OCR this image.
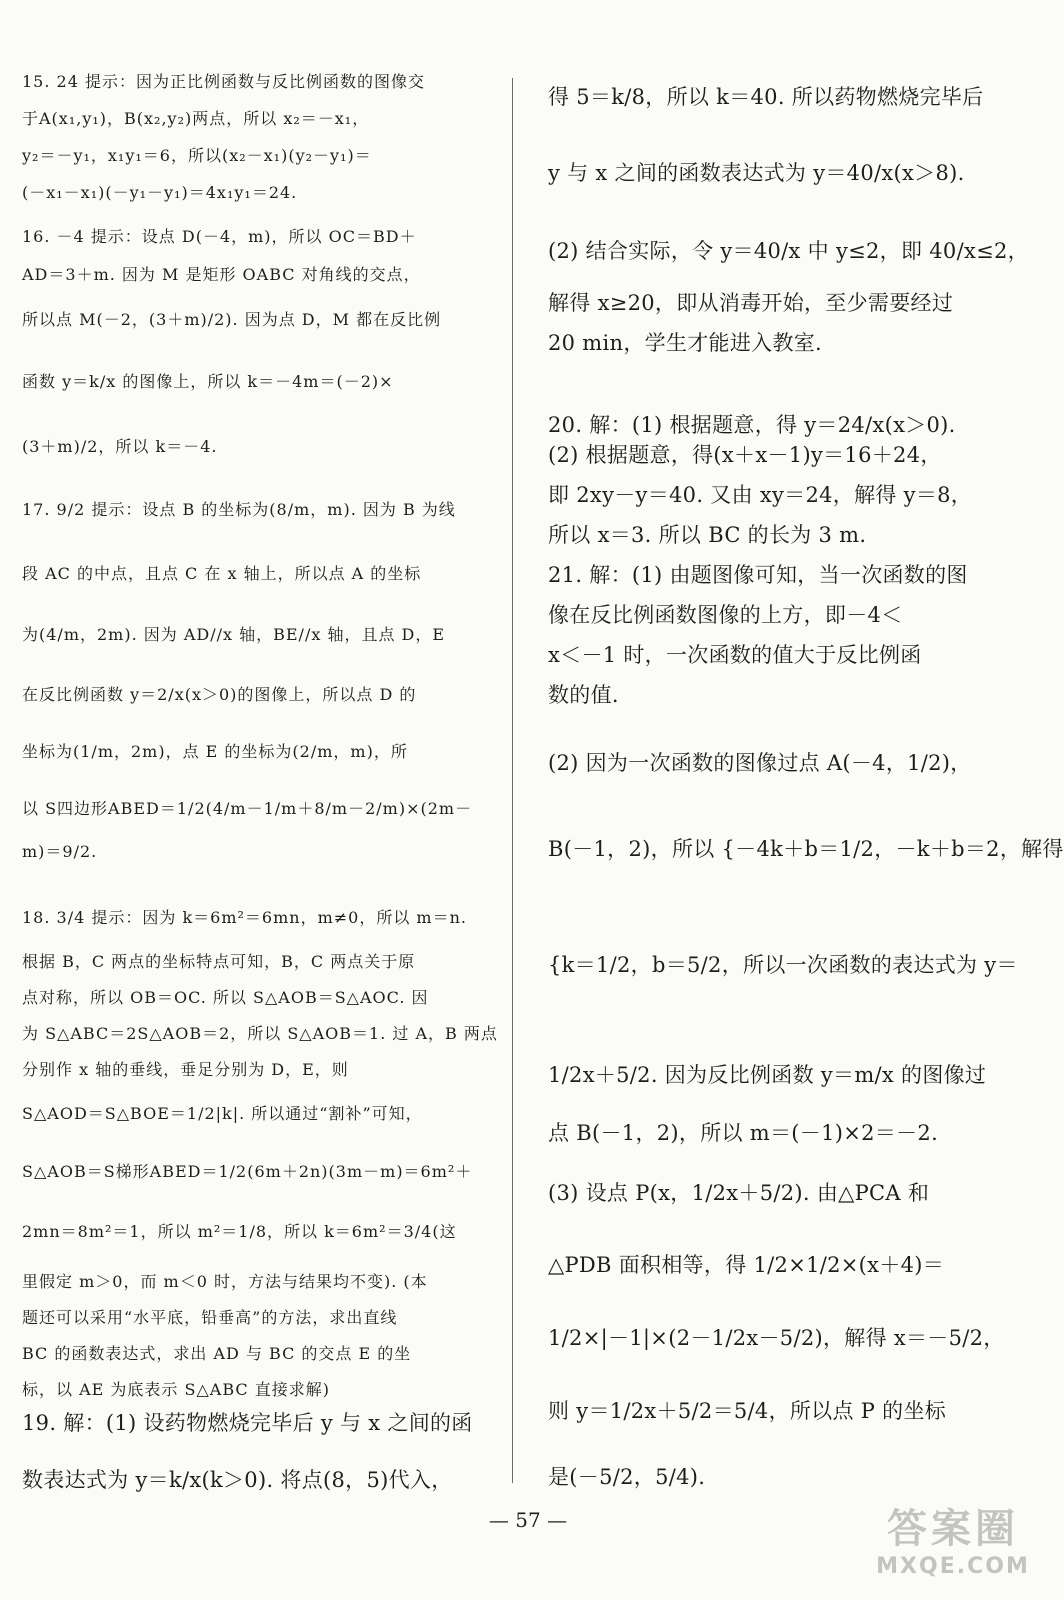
15. 24 提示：因为正比例函数与反比例函数的图像交
于A(x₁,y₁)，B(x₂,y₂)两点，所以 x₂＝－x₁，
y₂＝－y₁，x₁y₁＝6，所以(x₂－x₁)(y₂－y₁)＝
(－x₁－x₁)(－y₁－y₁)＝4x₁y₁＝24.
16. －4 提示：设点 D(－4，m)，所以 OC＝BD＋
AD＝3＋m. 因为 M 是矩形 OABC 对角线的交点，
所以点 M(－2，(3＋m)/2). 因为点 D，M 都在反比例
函数 y＝k/x 的图像上，所以 k＝－4m＝(－2)×
(3＋m)/2，所以 k＝－4.
17. 9/2 提示：设点 B 的坐标为(8/m，m). 因为 B 为线
段 AC 的中点，且点 C 在 x 轴上，所以点 A 的坐标
为(4/m，2m). 因为 AD//x 轴，BE//x 轴，且点 D，E
在反比例函数 y＝2/x(x＞0)的图像上，所以点 D 的
坐标为(1/m，2m)，点 E 的坐标为(2/m，m)，所
以 S四边形ABED＝1/2(4/m－1/m＋8/m－2/m)×(2m－
m)＝9/2.
18. 3/4 提示：因为 k＝6m²＝6mn，m≠0，所以 m＝n.
根据 B，C 两点的坐标特点可知，B，C 两点关于原
点对称，所以 OB＝OC. 所以 S△AOB＝S△AOC. 因
为 S△ABC＝2S△AOB＝2，所以 S△AOB＝1. 过 A，B 两点
分别作 x 轴的垂线，垂足分别为 D，E，则
S△AOD＝S△BOE＝1/2|k|. 所以通过“割补”可知，
S△AOB＝S梯形ABED＝1/2(6m＋2n)(3m－m)＝6m²＋
2mn＝8m²＝1，所以 m²＝1/8，所以 k＝6m²＝3/4(这
里假定 m＞0，而 m＜0 时，方法与结果均不变). (本
题还可以采用“水平底，铅垂高”的方法，求出直线
BC 的函数表达式，求出 AD 与 BC 的交点 E 的坐
标，以 AE 为底表示 S△ABC 直接求解)
19. 解：(1) 设药物燃烧完毕后 y 与 x 之间的函
数表达式为 y＝k/x(k＞0). 将点(8，5)代入，
得 5＝k/8，所以 k＝40. 所以药物燃烧完毕后
y 与 x 之间的函数表达式为 y＝40/x(x＞8).
(2) 结合实际，令 y＝40/x 中 y≤2，即 40/x≤2，
解得 x≥20，即从消毒开始，至少需要经过
20 min，学生才能进入教室.
20. 解：(1) 根据题意，得 y＝24/x(x＞0).
(2) 根据题意，得(x＋x－1)y＝16＋24，
即 2xy－y＝40. 又由 xy＝24，解得 y＝8，
所以 x＝3. 所以 BC 的长为 3 m.
21. 解：(1) 由题图像可知，当一次函数的图
像在反比例函数图像的上方，即－4＜
x＜－1 时，一次函数的值大于反比例函
数的值.
(2) 因为一次函数的图像过点 A(－4，1/2)，
B(－1，2)，所以 {－4k＋b＝1/2，－k＋b＝2，解得
{k＝1/2，b＝5/2，所以一次函数的表达式为 y＝
1/2x＋5/2. 因为反比例函数 y＝m/x 的图像过
点 B(－1，2)，所以 m＝(－1)×2＝－2.
(3) 设点 P(x，1/2x＋5/2). 由△PCA 和
△PDB 面积相等，得 1/2×1/2×(x＋4)＝
1/2×|－1|×(2－1/2x－5/2)，解得 x＝－5/2，
则 y＝1/2x＋5/2＝5/4，所以点 P 的坐标
是(－5/2，5/4).
— 57 —	答案圈
MXQE.COM
